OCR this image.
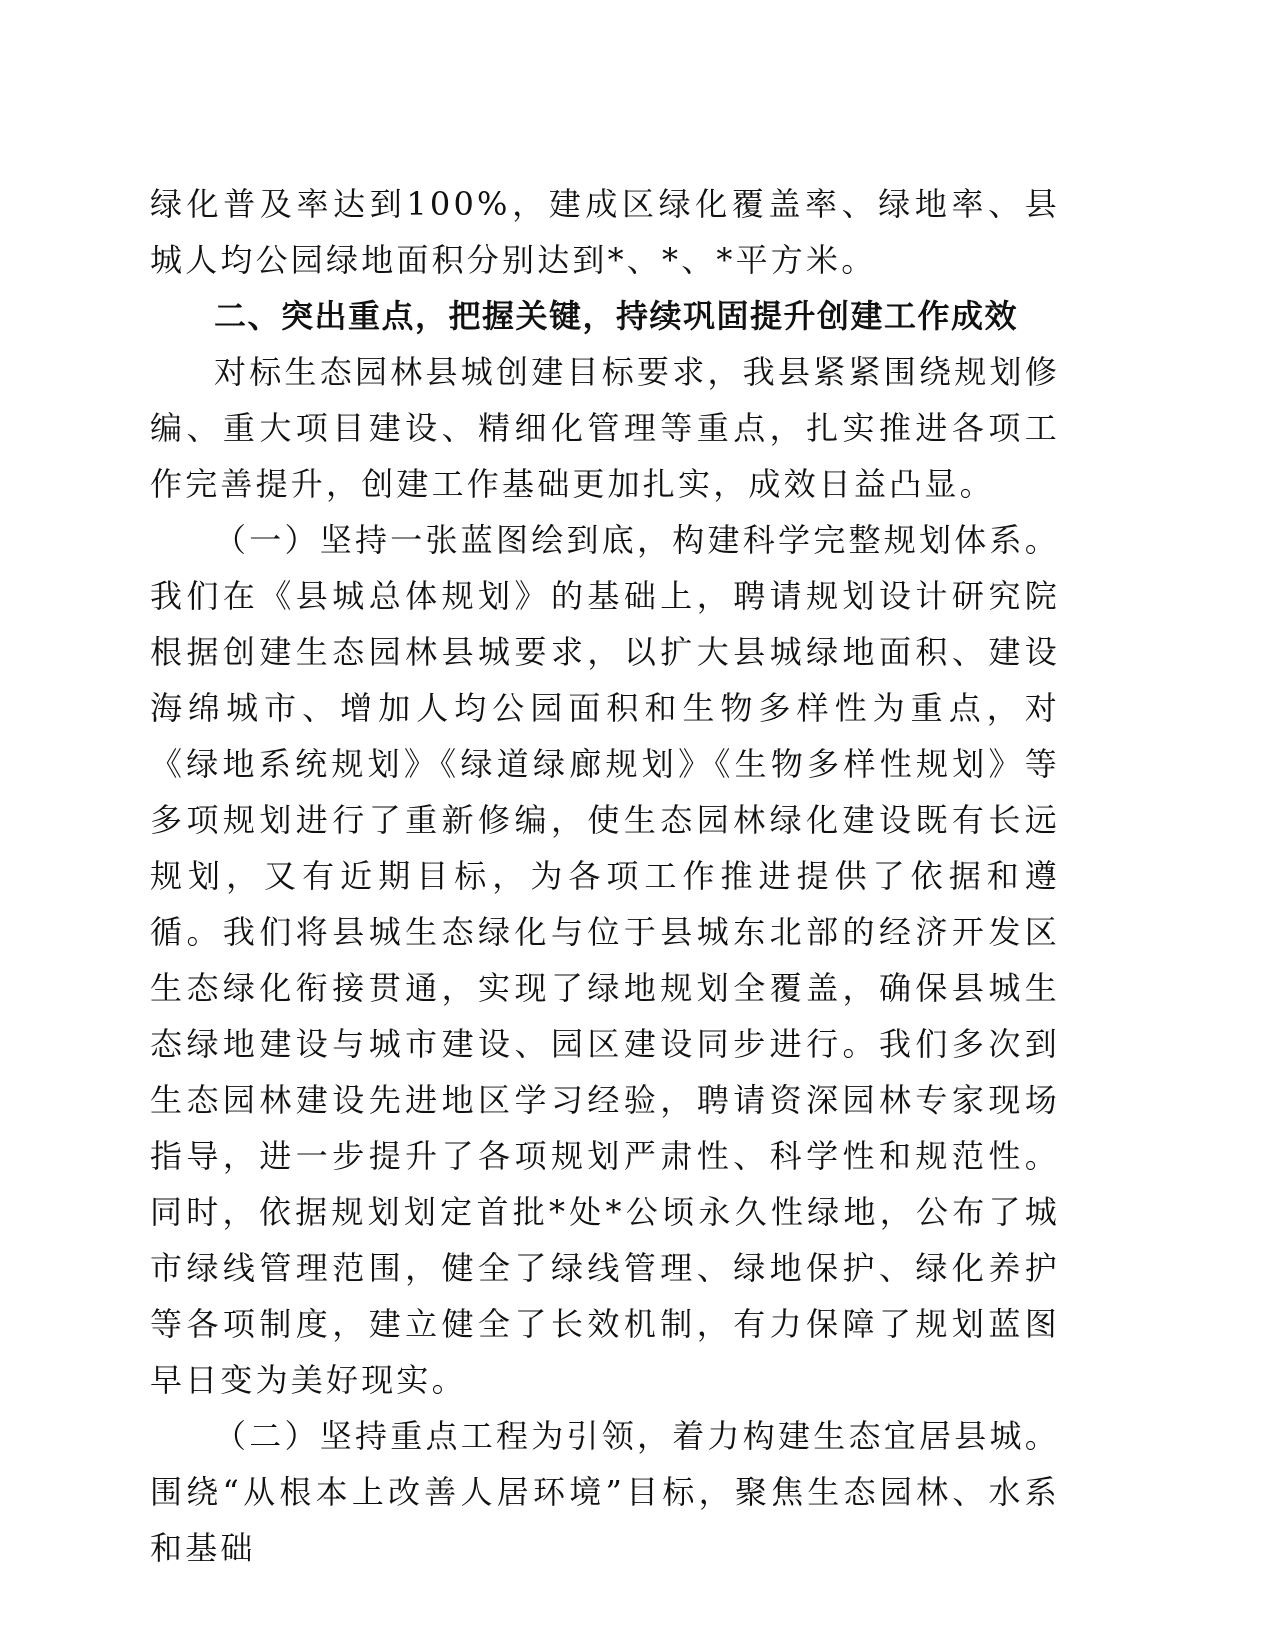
绿化普及率达到100%，建成区绿化覆盖率、绿地率、县城人均公园绿地面积分别达到*、*、*平方米。

二、突出重点，把握关键，持续巩固提升创建工作成效

对标生态园林县城创建目标要求，我县紧紧围绕规划修编、重大项目建设、精细化管理等重点，扎实推进各项工作完善提升，创建工作基础更加扎实，成效日益凸显。

（一）坚持一张蓝图绘到底，构建科学完整规划体系。我们在《县城总体规划》的基础上，聘请规划设计研究院根据创建生态园林县城要求，以扩大县城绿地面积、建设海绵城市、增加人均公园面积和生物多样性为重点，对《绿地系统规划》《绿道绿廊规划》《生物多样性规划》等多项规划进行了重新修编，使生态园林绿化建设既有长远规划，又有近期目标，为各项工作推进提供了依据和遵循。我们将县城生态绿化与位于县城东北部的经济开发区生态绿化衔接贯通，实现了绿地规划全覆盖，确保县城生态绿地建设与城市建设、园区建设同步进行。我们多次到生态园林建设先进地区学习经验，聘请资深园林专家现场指导，进一步提升了各项规划严肃性、科学性和规范性。同时，依据规划划定首批*处*公顷永久性绿地，公布了城市绿线管理范围，健全了绿线管理、绿地保护、绿化养护等各项制度，建立健全了长效机制，有力保障了规划蓝图早日变为美好现实。

（二）坚持重点工程为引领，着力构建生态宜居县城。围绕“从根本上改善人居环境”目标，聚焦生态园林、水系和基础
